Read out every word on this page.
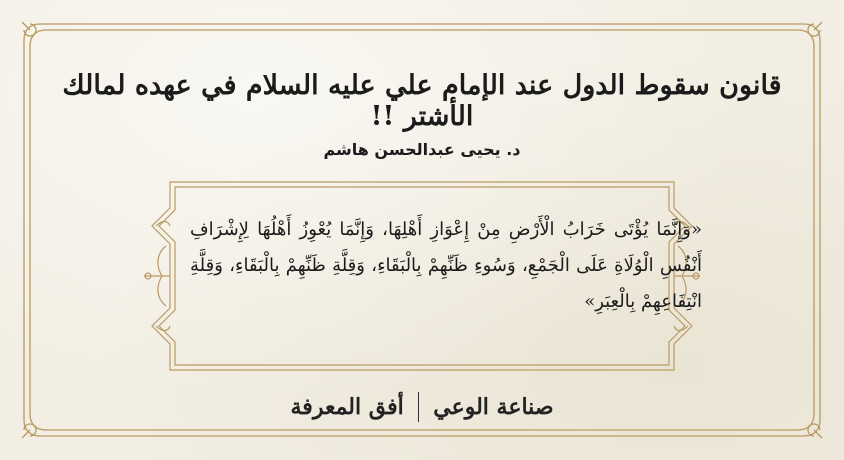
قانون سقوط الدول عند الإمام علي عليه السلام في عهده لمالك الأشتر !!
د. يحيى عبدالحسن هاشم
«وَإِنَّمَا يُؤْتَى خَرَابُ الْأَرْضِ مِنْ إِعْوَازِ أَهْلِهَا، وَإِنَّمَا يُعْوِزُ أَهْلُهَا لِإِشْرَافِ أَنْفُسِ الْوُلَاةِ عَلَى الْجَمْعِ، وَسُوءِ ظَنِّهِمْ بِالْبَقَاءِ، وَقِلَّةِ ظَنِّهِمْ بِالْبَقَاءِ، وَقِلَّةِ انْتِفَاعِهِمْ بِالْعِبَرِ»
صناعة الوعي
أفق المعرفة
